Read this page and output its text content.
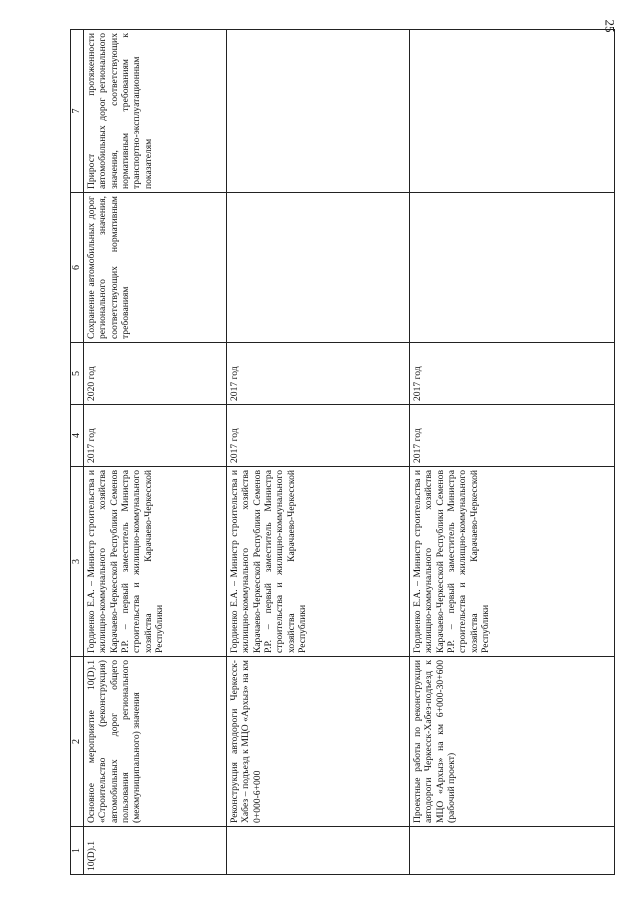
25
1	2	3	4	5	6	7
10(D).1	Основное мероприятие 10(D).1 «Строительство (реконструкция) автомобильных дорог общего пользования регионального (межмуниципального) значения	Гордиенко Е.А. – Министр строительства и жилищно-коммунального хозяйства Карачаево-Черкесской Республики Семенов Р.Р. – первый заместитель Министра строительства и жилищно-коммунального хозяйства Карачаево-Черкесской Республики	2017 год	2020 год	Сохранение автомобильных дорог регионального значения, соответствующих нормативным требованиям	Прирост протяженности автомобильных дорог регионального значения, соответствующих нормативным требованиям к транспортно-эксплуатационным показателям
	Реконструкция автодороги Черкесск-Хабез – подъезд к МЦО «Архыз» на км 0+000-6+000	Гордиенко Е.А. – Министр строительства и жилищно-коммунального хозяйства Карачаево-Черкесской Республики Семенов Р.Р. – первый заместитель Министра строительства и жилищно-коммунального хозяйства Карачаево-Черкесской Республики	2017 год	2017 год		
	Проектные работы по реконструкции автодороги Черкесск-Хабез-подъезд к МЦО «Архыз» на км 6+000-30+600 (рабочий проект)	Гордиенко Е.А. – Министр строительства и жилищно-коммунального хозяйства Карачаево-Черкесской Республики Семенов Р.Р. – первый заместитель Министра строительства и жилищно-коммунального хозяйства Карачаево-Черкесской Республики	2017 год	2017 год		
